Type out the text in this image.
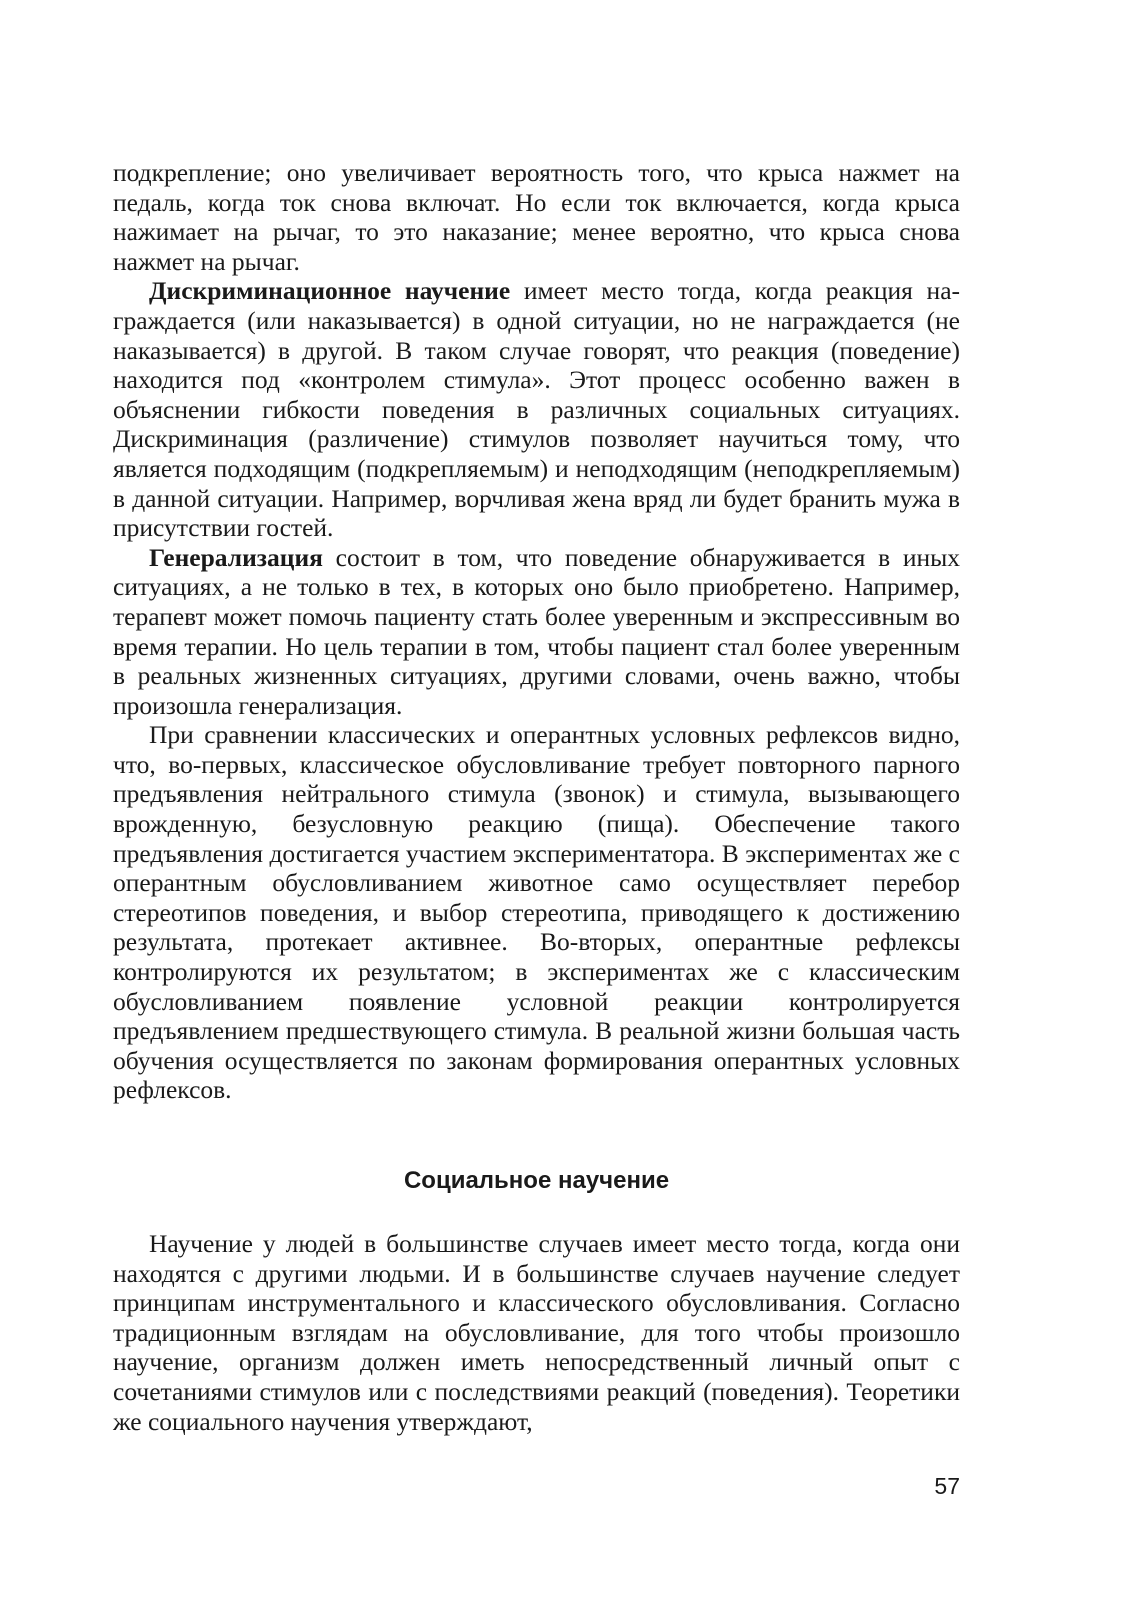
подкрепление; оно увеличивает вероятность того, что крыса нажмет на педаль, когда ток снова включат. Но если ток включается, когда крыса нажимает на рычаг, то это наказание; менее вероятно, что крыса снова нажмет на рычаг.

Дискриминационное научение имеет место тогда, когда реакция награждается (или наказывается) в одной ситуации, но не награждается (не наказывается) в другой. В таком случае говорят, что реакция (поведение) находится под «контролем стимула». Этот процесс особенно важен в объяснении гибкости поведения в различных социальных ситуациях. Дискриминация (различение) стимулов позволяет научиться тому, что является подходящим (подкрепляемым) и неподходящим (неподкрепляемым) в данной ситуации. Например, ворчливая жена вряд ли будет бранить мужа в присутствии гостей.

Генерализация состоит в том, что поведение обнаруживается в иных ситуациях, а не только в тех, в которых оно было приобретено. Например, терапевт может помочь пациенту стать более уверенным и экспрессивным во время терапии. Но цель терапии в том, чтобы пациент стал более уверенным в реальных жизненных ситуациях, другими словами, очень важно, чтобы произошла генерализация.

При сравнении классических и оперантных условных рефлексов видно, что, во-первых, классическое обусловливание требует повторного парного предъявления нейтрального стимула (звонок) и стимула, вызывающего врожденную, безусловную реакцию (пища). Обеспечение такого предъявления достигается участием экспериментатора. В экспериментах же с оперантным обусловливанием животное само осуществляет перебор стереотипов поведения, и выбор стереотипа, приводящего к достижению результата, протекает активнее. Во-вторых, оперантные рефлексы контролируются их результатом; в экспериментах же с классическим обусловливанием появление условной реакции контролируется предъявлением предшествующего стимула. В реальной жизни большая часть обучения осуществляется по законам формирования оперантных условных рефлексов.

Социальное научение

Научение у людей в большинстве случаев имеет место тогда, когда они находятся с другими людьми. И в большинстве случаев научение следует принципам инструментального и классического обусловливания. Согласно традиционным взглядам на обусловливание, для того чтобы произошло научение, организм должен иметь непосредственный личный опыт с сочетаниями стимулов или с последствиями реакций (поведения). Теоретики же социального научения утверждают,

57
